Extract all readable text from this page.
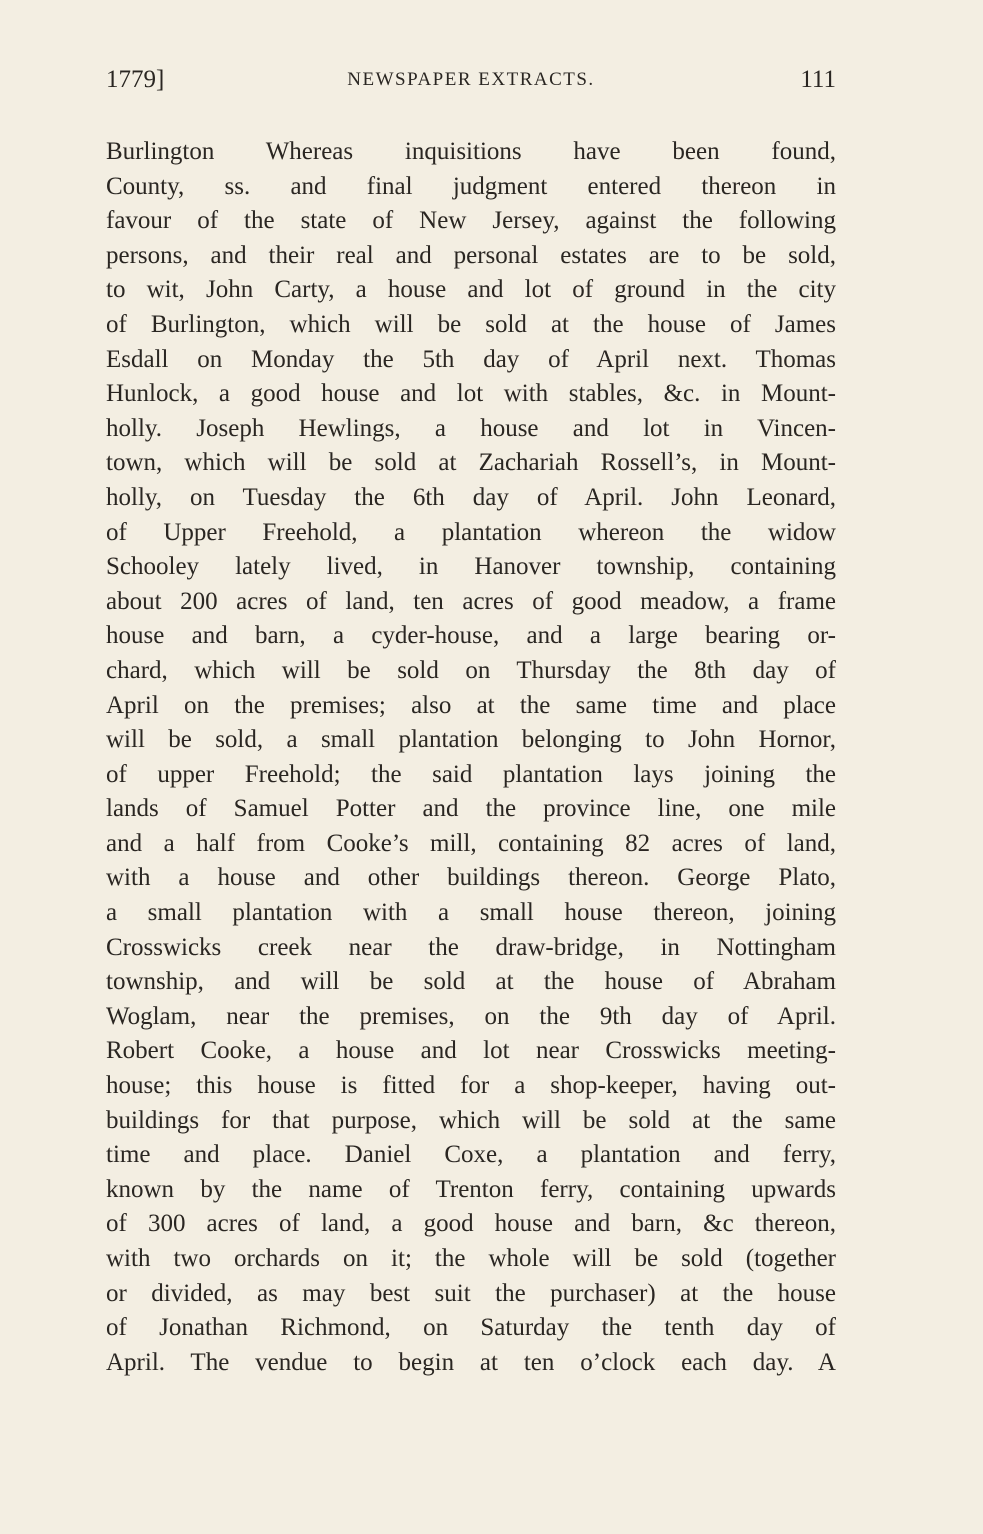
1779]	NEWSPAPER EXTRACTS.	111
Burlington Whereas inquisitions have been found,
County, ss. and final judgment entered thereon in
favour of the state of New Jersey, against the following
persons, and their real and personal estates are to be sold,
to wit, John Carty, a house and lot of ground in the city
of Burlington, which will be sold at the house of James
Esdall on Monday the 5th day of April next. Thomas
Hunlock, a good house and lot with stables, &c. in Mount-
holly. Joseph Hewlings, a house and lot in Vincen-
town, which will be sold at Zachariah Rossell’s, in Mount-
holly, on Tuesday the 6th day of April. John Leonard,
of Upper Freehold, a plantation whereon the widow
Schooley lately lived, in Hanover township, containing
about 200 acres of land, ten acres of good meadow, a frame
house and barn, a cyder-house, and a large bearing or-
chard, which will be sold on Thursday the 8th day of
April on the premises; also at the same time and place
will be sold, a small plantation belonging to John Hornor,
of upper Freehold; the said plantation lays joining the
lands of Samuel Potter and the province line, one mile
and a half from Cooke’s mill, containing 82 acres of land,
with a house and other buildings thereon. George Plato,
a small plantation with a small house thereon, joining
Crosswicks creek near the draw-bridge, in Nottingham
township, and will be sold at the house of Abraham
Woglam, near the premises, on the 9th day of April.
Robert Cooke, a house and lot near Crosswicks meeting-
house; this house is fitted for a shop-keeper, having out-
buildings for that purpose, which will be sold at the same
time and place. Daniel Coxe, a plantation and ferry,
known by the name of Trenton ferry, containing upwards
of 300 acres of land, a good house and barn, &c thereon,
with two orchards on it; the whole will be sold (together
or divided, as may best suit the purchaser) at the house
of Jonathan Richmond, on Saturday the tenth day of
April. The vendue to begin at ten o’clock each day. A
